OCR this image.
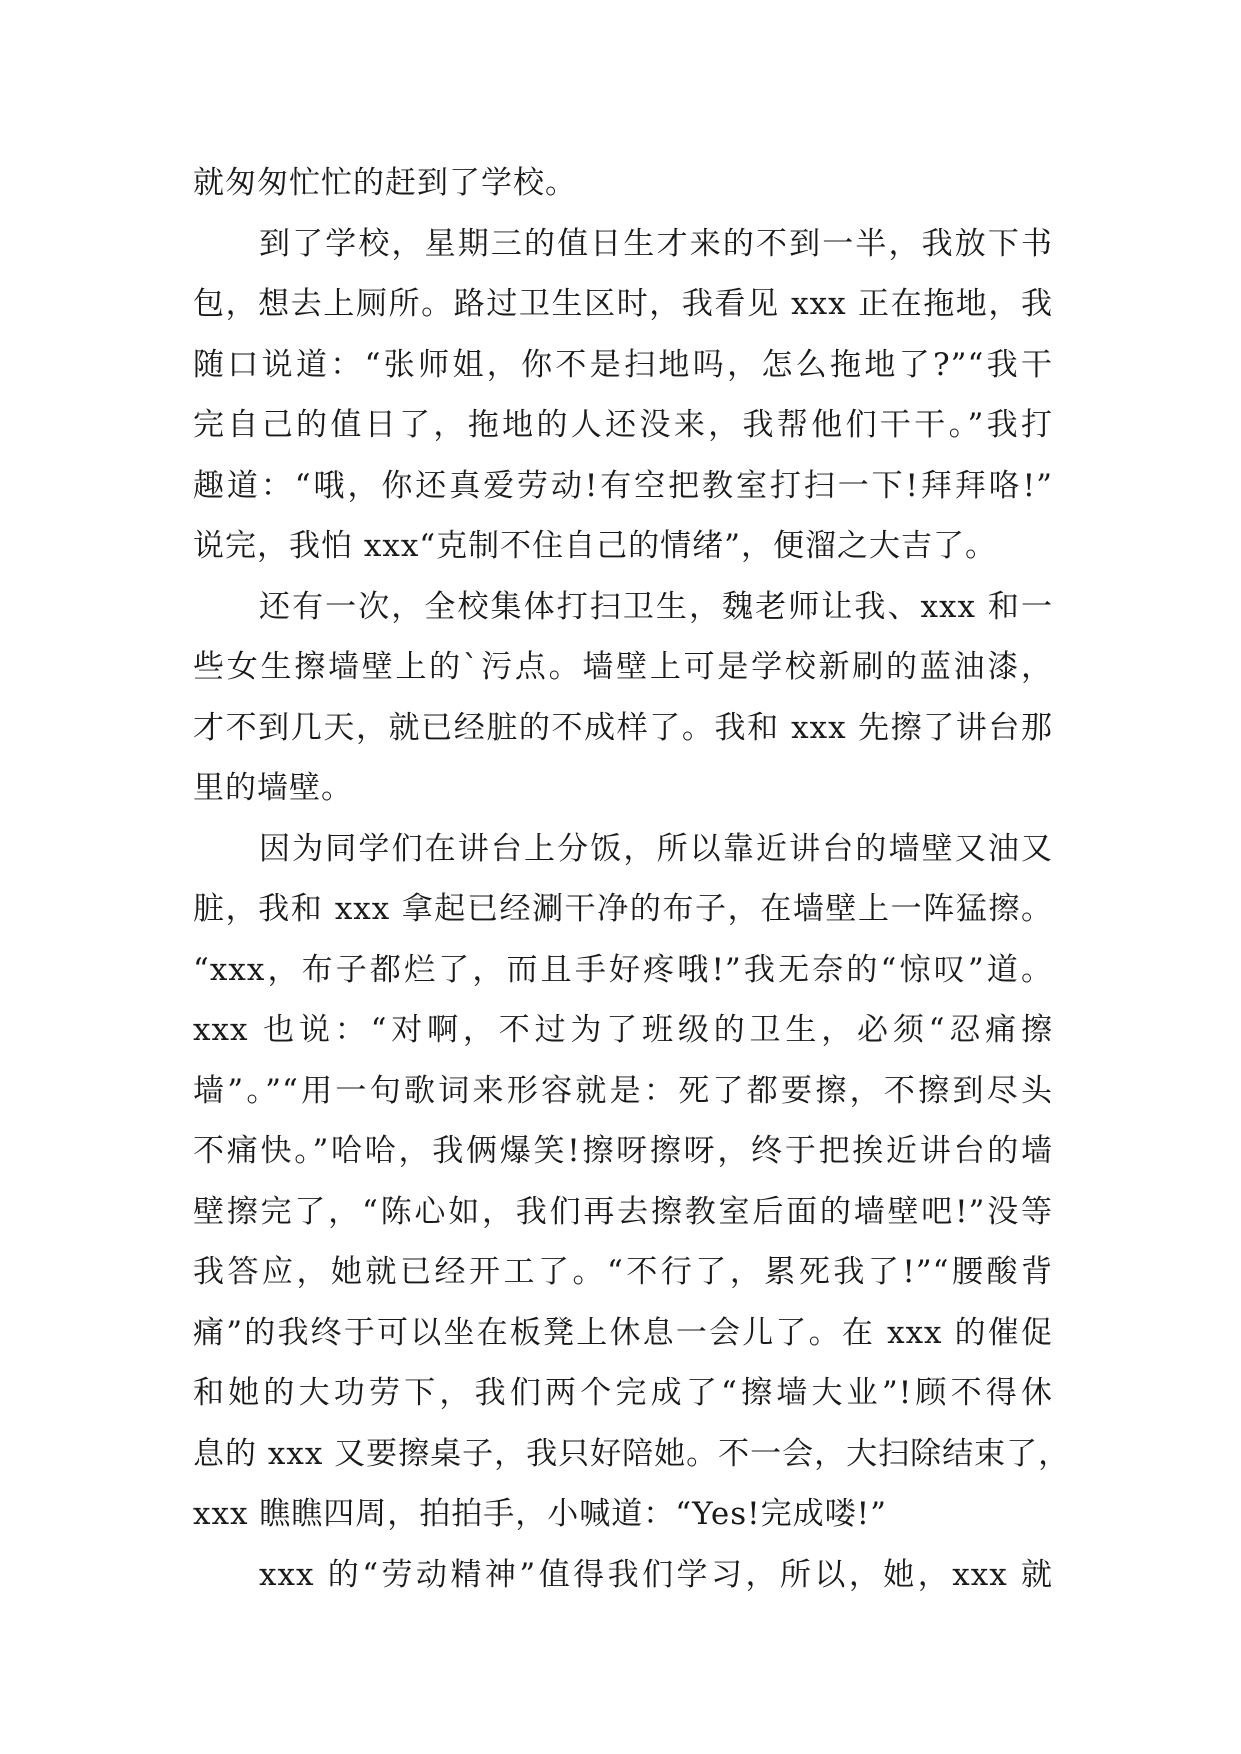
就匆匆忙忙的赶到了学校。
到了学校，星期三的值日生才来的不到一半，我放下书
包，想去上厕所。路过卫生区时，我看见 xxx 正在拖地，我
随口说道：“张师姐，你不是扫地吗，怎么拖地了?”“我干
完自己的值日了，拖地的人还没来，我帮他们干干。”我打
趣道：“哦，你还真爱劳动!有空把教室打扫一下!拜拜咯!”
说完，我怕 xxx“克制不住自己的情绪”，便溜之大吉了。
还有一次，全校集体打扫卫生，魏老师让我、xxx 和一
些女生擦墙壁上的`污点。墙壁上可是学校新刷的蓝油漆，
才不到几天，就已经脏的不成样了。我和 xxx 先擦了讲台那
里的墙壁。
因为同学们在讲台上分饭，所以靠近讲台的墙壁又油又
脏，我和 xxx 拿起已经涮干净的布子，在墙壁上一阵猛擦。
“xxx，布子都烂了，而且手好疼哦!”我无奈的“惊叹”道。
xxx 也说：“对啊，不过为了班级的卫生，必须“忍痛擦
墙”。”“用一句歌词来形容就是：死了都要擦，不擦到尽头
不痛快。”哈哈，我俩爆笑!擦呀擦呀，终于把挨近讲台的墙
壁擦完了，“陈心如，我们再去擦教室后面的墙壁吧!”没等
我答应，她就已经开工了。“不行了，累死我了!”“腰酸背
痛”的我终于可以坐在板凳上休息一会儿了。在 xxx 的催促
和她的大功劳下，我们两个完成了“擦墙大业”!顾不得休
息的 xxx 又要擦桌子，我只好陪她。不一会，大扫除结束了，
xxx 瞧瞧四周，拍拍手，小喊道：“Yes!完成喽!”
xxx 的“劳动精神”值得我们学习，所以，她，xxx 就
